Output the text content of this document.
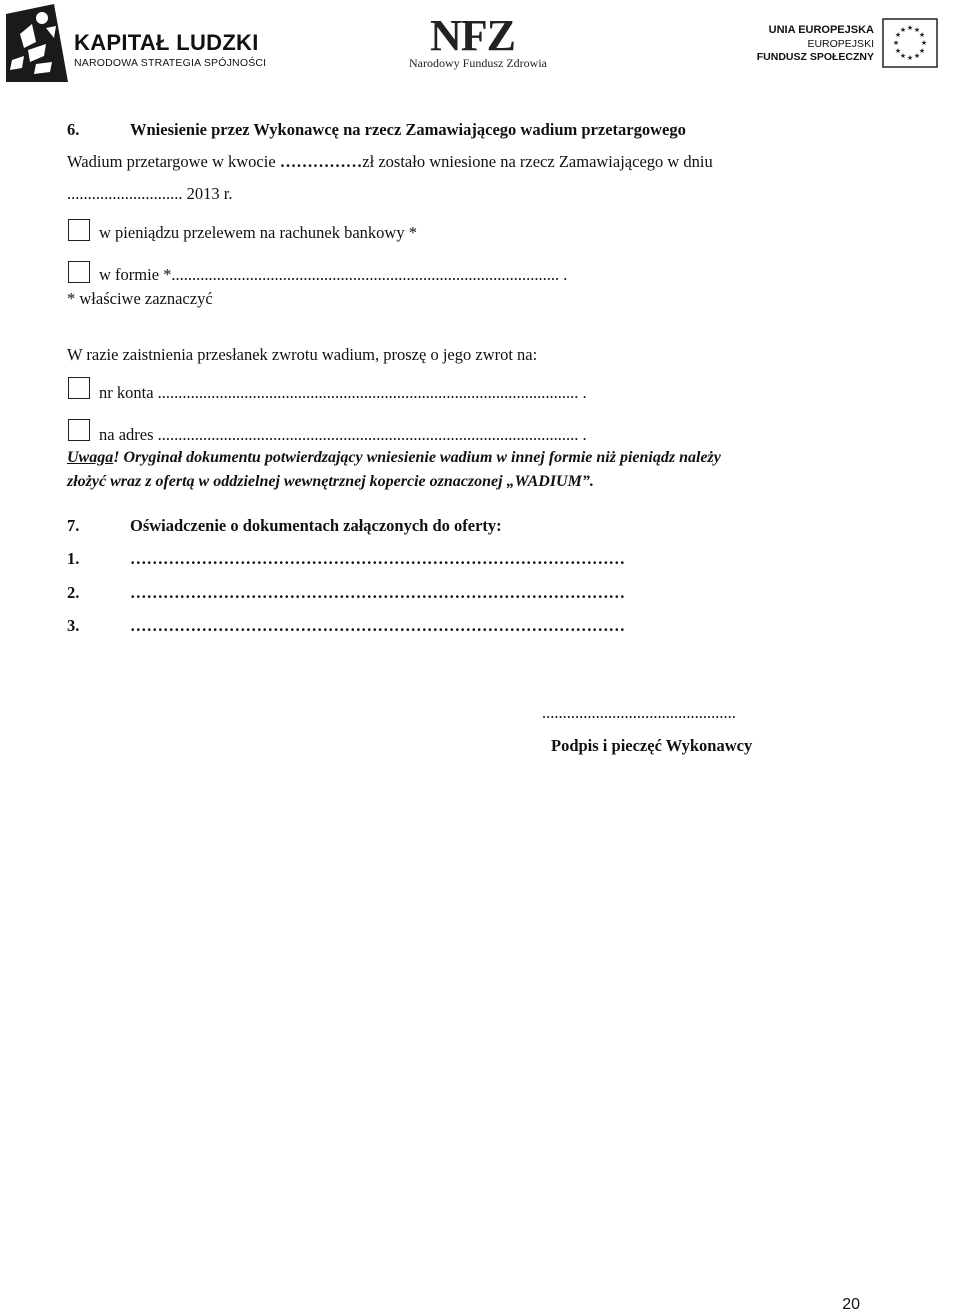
KAPITAŁ LUDZKI
NARODOWA STRATEGIA SPÓJNOŚCI
NFZ
Narodowy Fundusz Zdrowia
UNIA EUROPEJSKA
EUROPEJSKI
FUNDUSZ SPOŁECZNY
★ ★
★
★
★
★
★
★
★
★
★
★
6.	Wniesienie przez Wykonawcę na rzecz Zamawiającego wadium przetargowego
Wadium przetargowe w kwocie ……………zł zostało wniesione na rzecz Zamawiającego w dniu
............................ 2013 r.
w pieniądzu przelewem na rachunek bankowy *
w formie *.............................................................................................. .
* właściwe zaznaczyć
W razie zaistnienia przesłanek zwrotu wadium, proszę o jego zwrot na:
nr konta ...................................................................................................... .
na adres ...................................................................................................... .
Uwaga! Oryginał dokumentu potwierdzający wniesienie wadium w innej formie niż pieniądz należy
złożyć wraz z ofertą w oddzielnej wewnętrznej kopercie oznaczonej „WADIUM”.
7.	Oświadczenie o dokumentach załączonych do oferty:
1.	………………………………………………………………………………
2.	………………………………………………………………………………
3.	………………………………………………………………………………
...............................................
Podpis i pieczęć Wykonawcy
20
